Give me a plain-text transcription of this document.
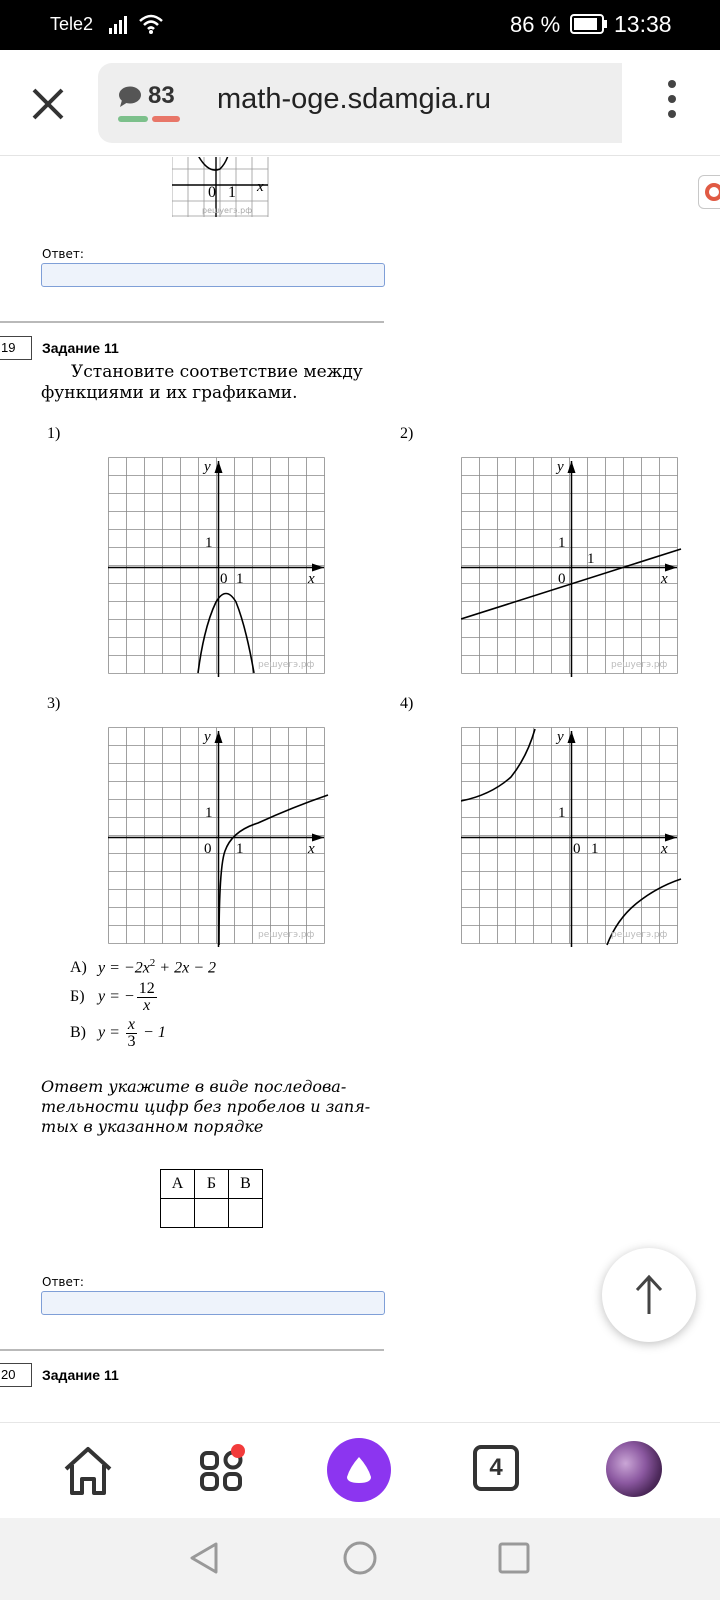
Tele2	86 % 13:38
83 math-oge.sdamgia.ru
0 1 x
решуегэ.рф
Ответ:
19	Задание 11
Установите соответствие между функциями и их графиками.
1)	2)
3)	4)
y
1
0 1	x
решуегэ.рф
y
1
0
1
x
решуегэ.рф
y
1
0 1	x
решуегэ.рф
y
1
0 1	x
решуегэ.рф
А) $y = -2x^2 + 2x - 2$
Б) y = − $\frac{12}{x}$
В) $y = \frac{x}{3} - 1$
Ответ укажите в виде последова-тельности цифр без пробелов и запя-тых в указанном порядке
А	Б	В

Ответ:
20	Задание 11
4
